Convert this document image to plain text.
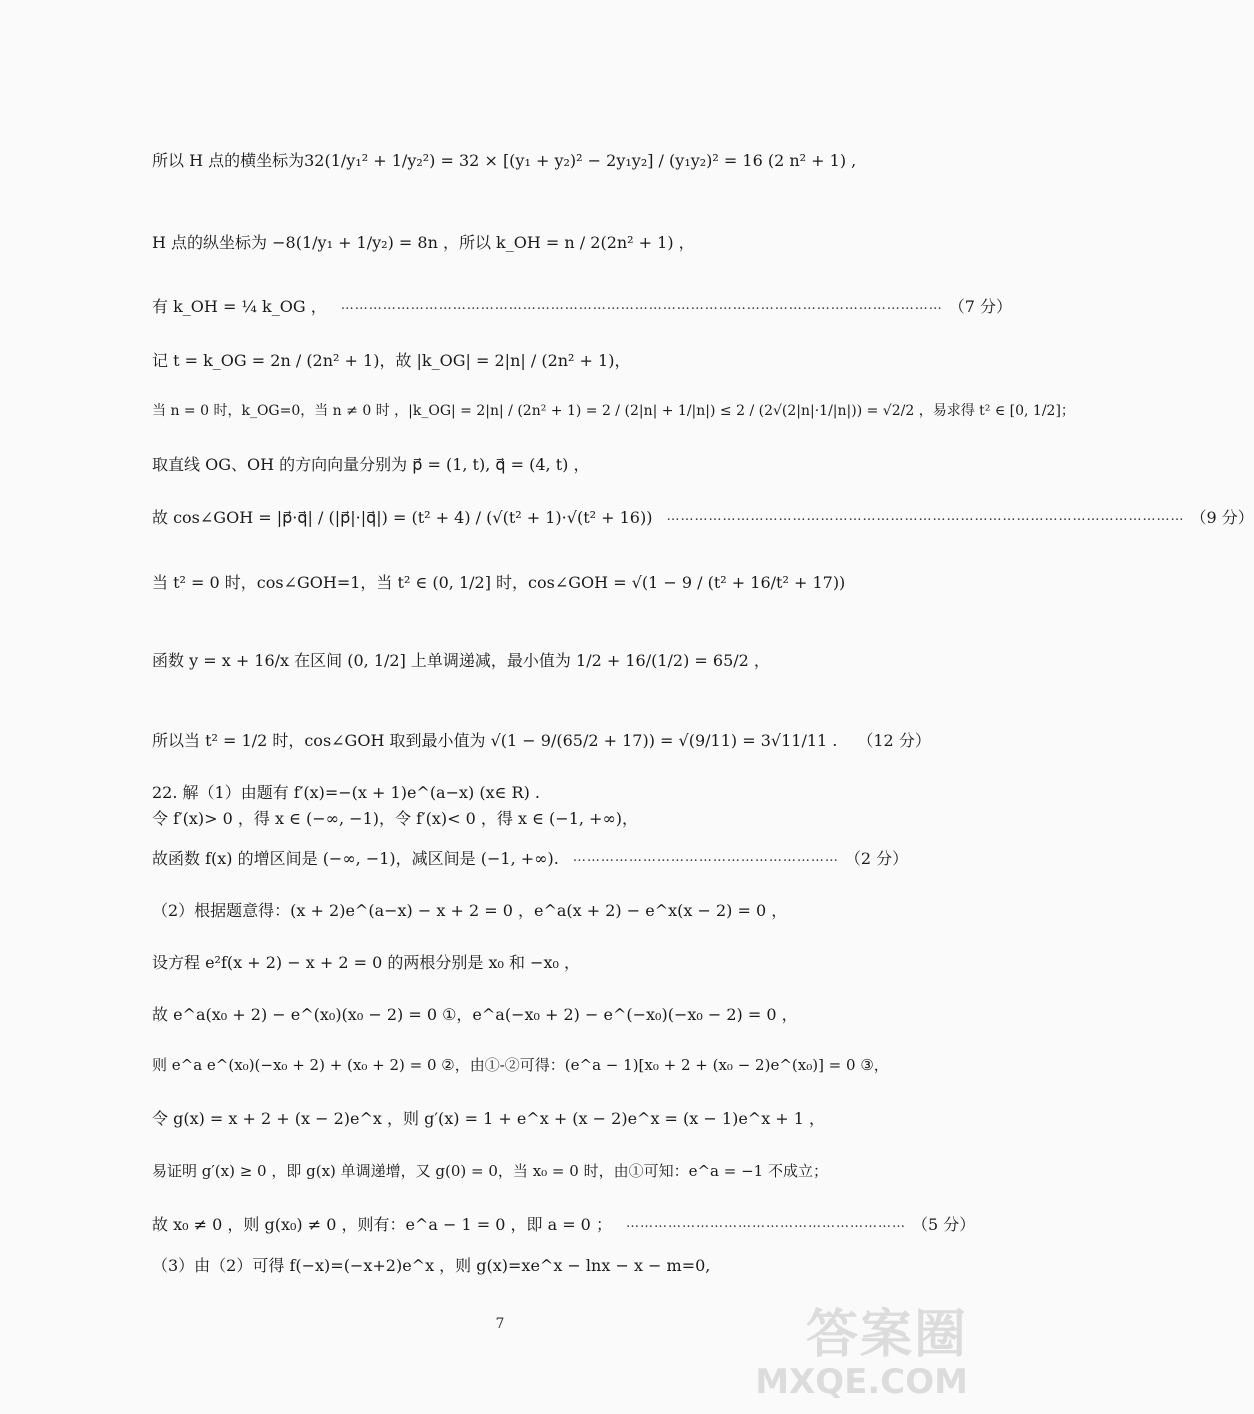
所以 H 点的横坐标为32(1/y₁² + 1/y₂²) = 32 × [(y₁ + y₂)² − 2y₁y₂] / (y₁y₂)² = 16 (2 n² + 1) ,
H 点的纵坐标为 −8(1/y₁ + 1/y₂) = 8n ，所以 k_OH = n / 2(2n² + 1) ，
有 k_OH = ¼ k_OG ， ………………………………………………………………………………………………………………… （7 分）
记 t = k_OG = 2n / (2n² + 1)，故 |k_OG| = 2|n| / (2n² + 1)，
当 n = 0 时，k_OG=0，当 n ≠ 0 时 ，|k_OG| = 2|n| / (2n² + 1) = 2 / (2|n| + 1/|n|) ≤ 2 / (2√(2|n|·1/|n|)) = √2/2 ，易求得 t² ∈ [0, 1/2]；
取直线 OG、OH 的方向向量分别为 p⃗ = (1, t), q⃗ = (4, t) ，
故 cos∠GOH = |p⃗·q⃗| / (|p⃗|·|q⃗|) = (t² + 4) / (√(t² + 1)·√(t² + 16)) ………………………………………………………………………………………………… （9 分）
当 t² = 0 时，cos∠GOH=1，当 t² ∈ (0, 1/2] 时，cos∠GOH = √(1 − 9 / (t² + 16/t² + 17))
函数 y = x + 16/x 在区间 (0, 1/2] 上单调递减，最小值为 1/2 + 16/(1/2) = 65/2 ，
所以当 t² = 1/2 时，cos∠GOH 取到最小值为 √(1 − 9/(65/2 + 17)) = √(9/11) = 3√11/11 . （12 分）
22. 解（1）由题有 f′(x)=−(x + 1)e^(a−x) (x∈ R) .
令 f′(x)> 0 ，得 x ∈ (−∞, −1)，令 f′(x)< 0 ，得 x ∈ (−1, +∞)，
故函数 f(x) 的增区间是 (−∞, −1)，减区间是 (−1, +∞). ………………………………………………… （2 分）
（2）根据题意得：(x + 2)e^(a−x) − x + 2 = 0 ，e^a(x + 2) − e^x(x − 2) = 0 ，
设方程 e²f(x + 2) − x + 2 = 0 的两根分别是 x₀ 和 −x₀ ，
故 e^a(x₀ + 2) − e^(x₀)(x₀ − 2) = 0 ①，e^a(−x₀ + 2) − e^(−x₀)(−x₀ − 2) = 0 ，
则 e^a e^(x₀)(−x₀ + 2) + (x₀ + 2) = 0 ②，由①-②可得：(e^a − 1)[x₀ + 2 + (x₀ − 2)e^(x₀)] = 0 ③，
令 g(x) = x + 2 + (x − 2)e^x ，则 g′(x) = 1 + e^x + (x − 2)e^x = (x − 1)e^x + 1 ，
易证明 g′(x) ≥ 0 ，即 g(x) 单调递增，又 g(0) = 0，当 x₀ = 0 时，由①可知：e^a = −1 不成立；
故 x₀ ≠ 0 ，则 g(x₀) ≠ 0 ，则有：e^a − 1 = 0 ，即 a = 0 ； …………………………………………………… （5 分）
（3）由（2）可得 f(−x)=(−x+2)e^x ，则 g(x)=xe^x − lnx − x − m=0,
7	答案圈
MXQE.COM
